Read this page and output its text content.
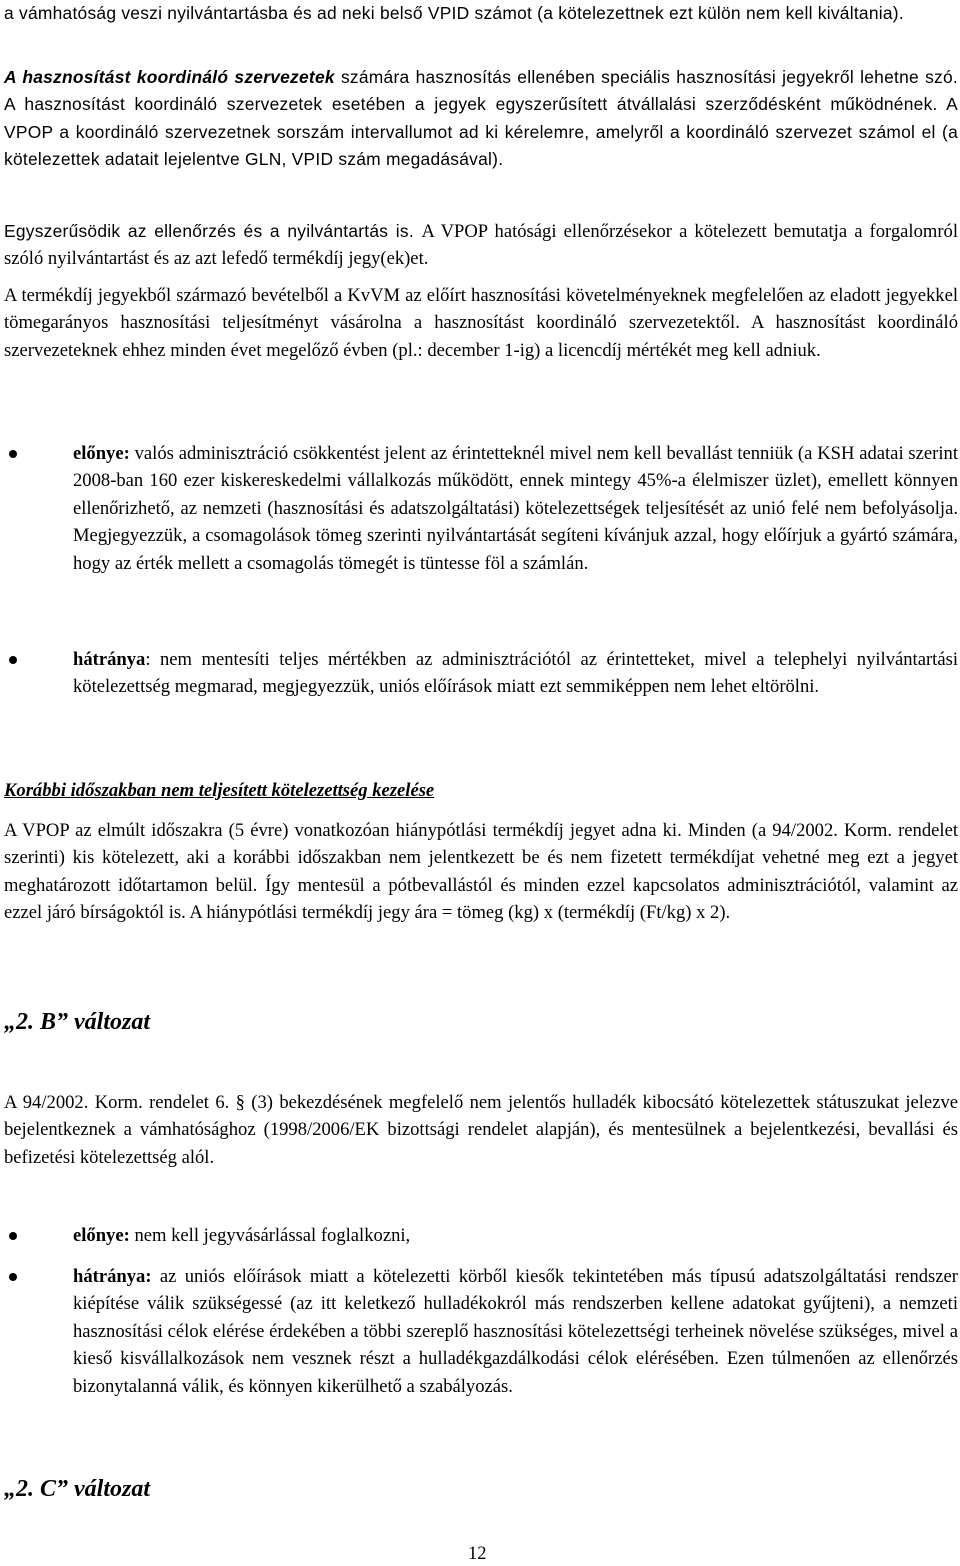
a vámhatóság veszi nyilvántartásba és ad neki belső VPID számot (a kötelezettnek ezt külön nem kell kiváltania).

A hasznosítást koordináló szervezetek számára hasznosítás ellenében speciális hasznosítási jegyekről lehetne szó. A hasznosítást koordináló szervezetek esetében a jegyek egyszerűsített átvállalási szerződésként működnének. A VPOP a koordináló szervezetnek sorszám intervallumot ad ki kérelemre, amelyről a koordináló szervezet számol el (a kötelezettek adatait lejelentve GLN, VPID szám megadásával).

Egyszerűsödik az ellenőrzés és a nyilvántartás is. A VPOP hatósági ellenőrzésekor a kötelezett bemutatja a forgalomról szóló nyilvántartást és az azt lefedő termékdíj jegy(ek)et.

A termékdíj jegyekből származó bevételből a KvVM az előírt hasznosítási követelményeknek megfelelően az eladott jegyekkel tömegarányos hasznosítási teljesítményt vásárolna a hasznosítást koordináló szervezetektől. A hasznosítást koordináló szervezeteknek ehhez minden évet megelőző évben (pl.: december 1-ig) a licencdíj mértékét meg kell adniuk.

előnye: valós adminisztráció csökkentést jelent az érintetteknél mivel nem kell bevallást tenniük (a KSH adatai szerint 2008-ban 160 ezer kiskereskedelmi vállalkozás működött, ennek mintegy 45%-a élelmiszer üzlet), emellett könnyen ellenőrizhető, az nemzeti (hasznosítási és adatszolgáltatási) kötelezettségek teljesítését az unió felé nem befolyásolja. Megjegyezzük, a csomagolások tömeg szerinti nyilvántartását segíteni kívánjuk azzal, hogy előírjuk a gyártó számára, hogy az érték mellett a csomagolás tömegét is tüntesse föl a számlán.

hátránya: nem mentesíti teljes mértékben az adminisztrációtól az érintetteket, mivel a telephelyi nyilvántartási kötelezettség megmarad, megjegyezzük, uniós előírások miatt ezt semmiképpen nem lehet eltörölni.

Korábbi időszakban nem teljesített kötelezettség kezelése

A VPOP az elmúlt időszakra (5 évre) vonatkozóan hiánypótlási termékdíj jegyet adna ki. Minden (a 94/2002. Korm. rendelet szerinti) kis kötelezett, aki a korábbi időszakban nem jelentkezett be és nem fizetett termékdíjat vehetné meg ezt a jegyet meghatározott időtartamon belül. Így mentesül a pótbevallástól és minden ezzel kapcsolatos adminisztrációtól, valamint az ezzel járó bírságoktól is. A hiánypótlási termékdíj jegy ára = tömeg (kg) x (termékdíj (Ft/kg) x 2).

„2. B” változat

A 94/2002. Korm. rendelet 6. § (3) bekezdésének megfelelő nem jelentős hulladék kibocsátó kötelezettek státuszukat jelezve bejelentkeznek a vámhatósághoz (1998/2006/EK bizottsági rendelet alapján), és mentesülnek a bejelentkezési, bevallási és befizetési kötelezettség alól.

előnye: nem kell jegyvásárlással foglalkozni,

hátránya: az uniós előírások miatt a kötelezetti körből kiesők tekintetében más típusú adatszolgáltatási rendszer kiépítése válik szükségessé (az itt keletkező hulladékokról más rendszerben kellene adatokat gyűjteni), a nemzeti hasznosítási célok elérése érdekében a többi szereplő hasznosítási kötelezettségi terheinek növelése szükséges, mivel a kieső kisvállalkozások nem vesznek részt a hulladékgazdálkodási célok elérésében. Ezen túlmenően az ellenőrzés bizonytalanná válik, és könnyen kikerülhető a szabályozás.

„2. C” változat
12
